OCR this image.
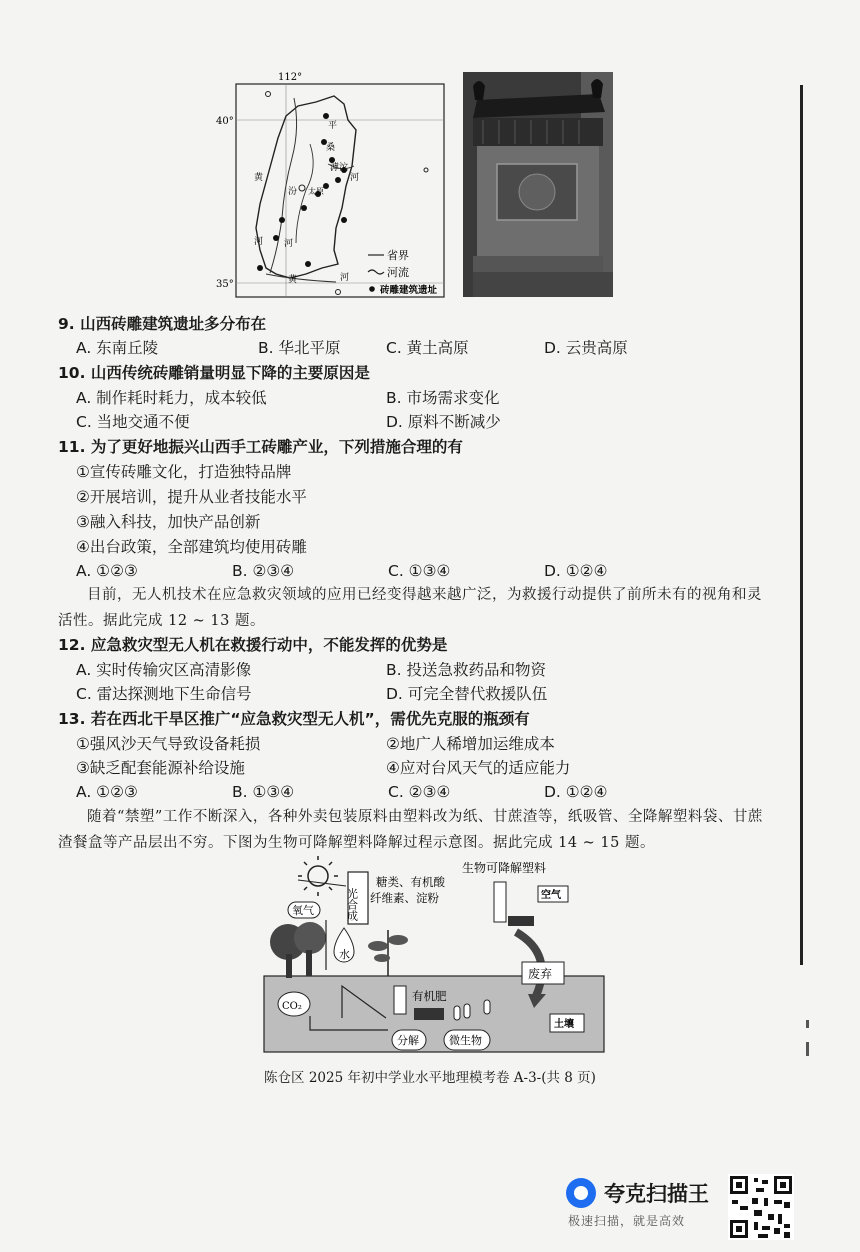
112°
40°
35°
平
桑
太原
汾
黄
河 河
黄	河
滹沱
河
省界
河流
砖雕建筑遗址
9. 山西砖雕建筑遗址多分布在
A. 东南丘陵	B. 华北平原	C. 黄土高原	D. 云贵高原
10. 山西传统砖雕销量明显下降的主要原因是
A. 制作耗时耗力，成本较低	B. 市场需求变化
C. 当地交通不便	D. 原料不断减少
11. 为了更好地振兴山西手工砖雕产业，下列措施合理的有
①宣传砖雕文化，打造独特品牌
②开展培训，提升从业者技能水平
③融入科技，加快产品创新
④出台政策，全部建筑均使用砖雕
A. ①②③	B. ②③④	C. ①③④	D. ①②④
目前，无人机技术在应急救灾领域的应用已经变得越来越广泛，为救援行动提供了前所未有的视角和灵活性。据此完成 12 ~ 13 题。
12. 应急救灾型无人机在救援行动中，不能发挥的优势是
A. 实时传输灾区高清影像	B. 投送急救药品和物资
C. 雷达探测地下生命信号	D. 可完全替代救援队伍
13. 若在西北干旱区推广“应急救灾型无人机”，需优先克服的瓶颈有
①强风沙天气导致设备耗损	②地广人稀增加运维成本
③缺乏配套能源补给设施	④应对台风天气的适应能力
A. ①②③	B. ①③④	C. ②③④	D. ①②④
随着“禁塑”工作不断深入，各种外卖包装原料由塑料改为纸、甘蔗渣等，纸吸管、全降解塑料袋、甘蔗渣餐盒等产品层出不穷。下图为生物可降解塑料降解过程示意图。据此完成 14 ~ 15 题。
光合成
糖类、有机酸
纤维素、淀粉
生物可降解塑料
空气
氧气
水
废弃
CO₂
有机肥
土壤
分解	微生物
陈仓区 2025 年初中学业水平地理模考卷 A-3-(共 8 页)
夸克扫描王
极速扫描，就是高效
